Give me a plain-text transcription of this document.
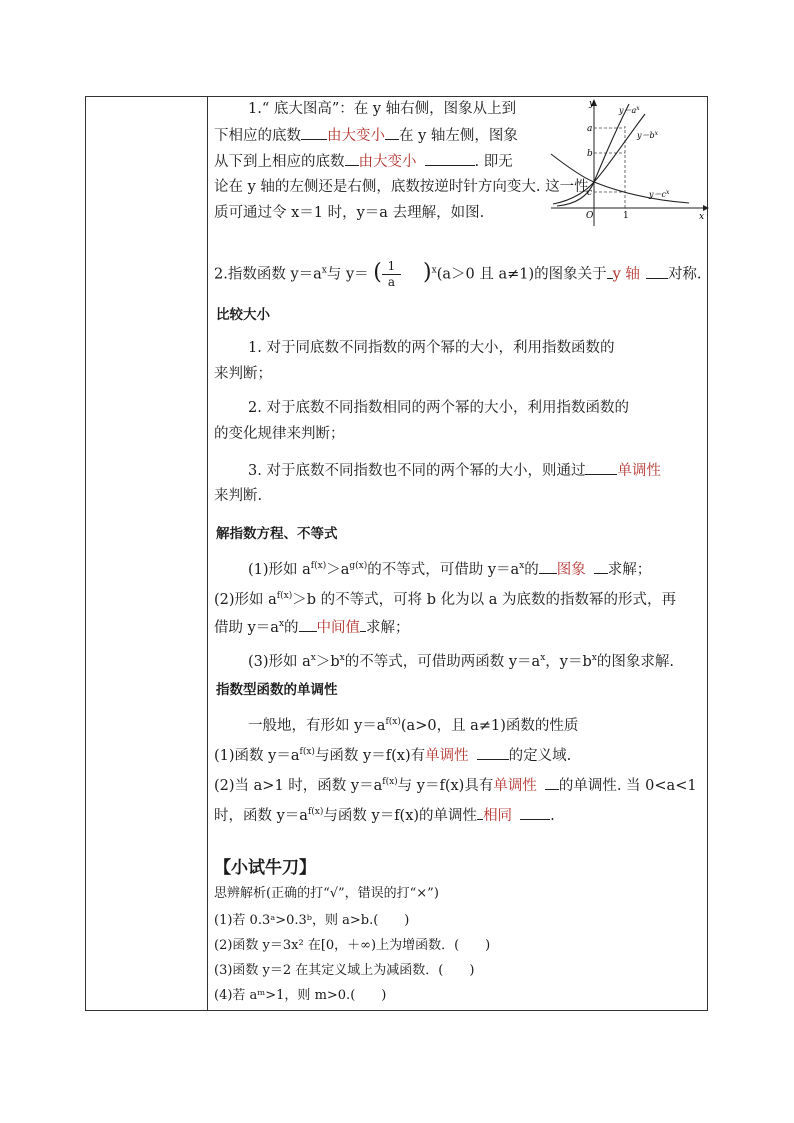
1.“ 底大图高”：在 y 轴右侧，图象从上到
下相应的底数 由大变小 在 y 轴左侧，图象
从下到上相应的底数 由大变小	. 即无
论在 y 轴的左侧还是右侧，底数按逆时针方向变大. 这一性
质可通过令 x＝1 时，y＝a 去理解，如图.
2.指数函数 $y=a^x$与 y＝ ( $\frac{1}{a} )^x(a>0$ 且 a≠1)的图象关于 y 轴 对称.
比较大小
1. 对于同底数不同指数的两个幂的大小，利用指数函数的
来判断；
2. 对于底数不同指数相同的两个幂的大小，利用指数函数的
的变化规律来判断；
3. 对于底数不同指数也不同的两个幂的大小，则通过 单调性
来判断.
解指数方程、不等式
(1)形如 $a^{f(x)}>a^{g(x)}$的不等式，可借助 $y=a^x$的 图象 求解；
(2)形如 $a^{f(x)}>b$ 的不等式，可将 b 化为以 a 为底数的指数幂的形式，再
借助 $y=a^x$的 中间值 求解；
(3)形如 $a^x>b^x$的不等式，可借助两函数 $y=a^x$，$y=b^x$的图象求解.
指数型函数的单调性
一般地，有形如 $y=a^{f(x)}(a>0$，且 a≠1)函数的性质
(1)函数 $y=a^{f(x)}$与函数 y＝f(x)有单调性	的定义域.
(2)当 a>1 时，函数 $y=a^{f(x)}$与 y＝f(x)具有单调性 的单调性. 当 0<a<1
时，函数 $y=a^{f(x)}$与函数 y＝f(x)的单调性 相同	.
【小试牛刀】
思辨解析(正确的打“√”，错误的打“×”)
(1)若 0.3ᵃ>0.3ᵇ，则 a>b.(　　)
(2)函数 y＝3x² 在[0，＋∞)上为增函数．(　　)
(3)函数 y＝2 在其定义域上为减函数．(　　)
(4)若 aᵐ>1，则 m>0.(　　)
y
x
O	1
a
b
c
$y=a^x$
$y=b^x$
$y=c^x$
